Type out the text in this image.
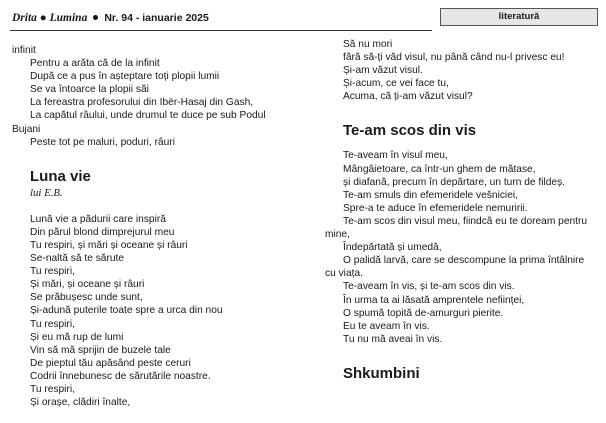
Drita ● Lumina Nr. 94 - ianuarie 2025	literatură
infinit
Pentru a arăta că de la infinit
După ce a pus în așteptare toți plopii lumii
Se va întoarce la plopii săi
La fereastra profesorului din Ibër-Hasaj din Gash,
La capătul râului, unde drumul te duce pe sub Podul Bujani
Peste tot pe maluri, poduri, râuri
Luna vie
lui E.B.
Lună vie a pădurii care inspiră
Din părul blond dimprejurul meu
Tu respiri, și mări și oceane și râuri
Se-naltă să te sărute
Tu respiri,
Și mări, și oceane și râuri
Se prăbușesc unde sunt,
Și-adună puterile toate spre a urca din nou
Tu respiri,
Și eu mă rup de lumi
Vin să mă sprijin de buzele tale
De pieptul tău apăsând peste ceruri
Codrii înnebunesc de sărutările noastre.
Tu respiri,
Și orașe, clădiri înalte,
Să nu mori
fără să-ți văd visul, nu până când nu-l privesc eu!
Și-am văzut visul.
Și-acum, ce vei face tu,
Acuma, că ți-am văzut visul?
Te-am scos din vis
Te-aveam în visul meu,
Mângâietoare, ca într-un ghem de mătase,
și diafană, precum în depărtare, un turn de fildeș.
Te-am smuls din efemeridele vešniciei,
Spre-a te aduce în efemeridele nemuririi.
Te-am scos din visul meu, fiindcă eu te doream pentru mine,
Îndepărtată și umedă,
O palidă larvă, care se descompune la prima întâlnire cu viața.
Te-aveam în vis, și te-am scos din vis.
În urma ta ai lăsată amprentele neființei,
O spumă topită de-amurguri pierite.
Eu te aveam în vis.
Tu nu mă aveai în vis.
Shkumbini
